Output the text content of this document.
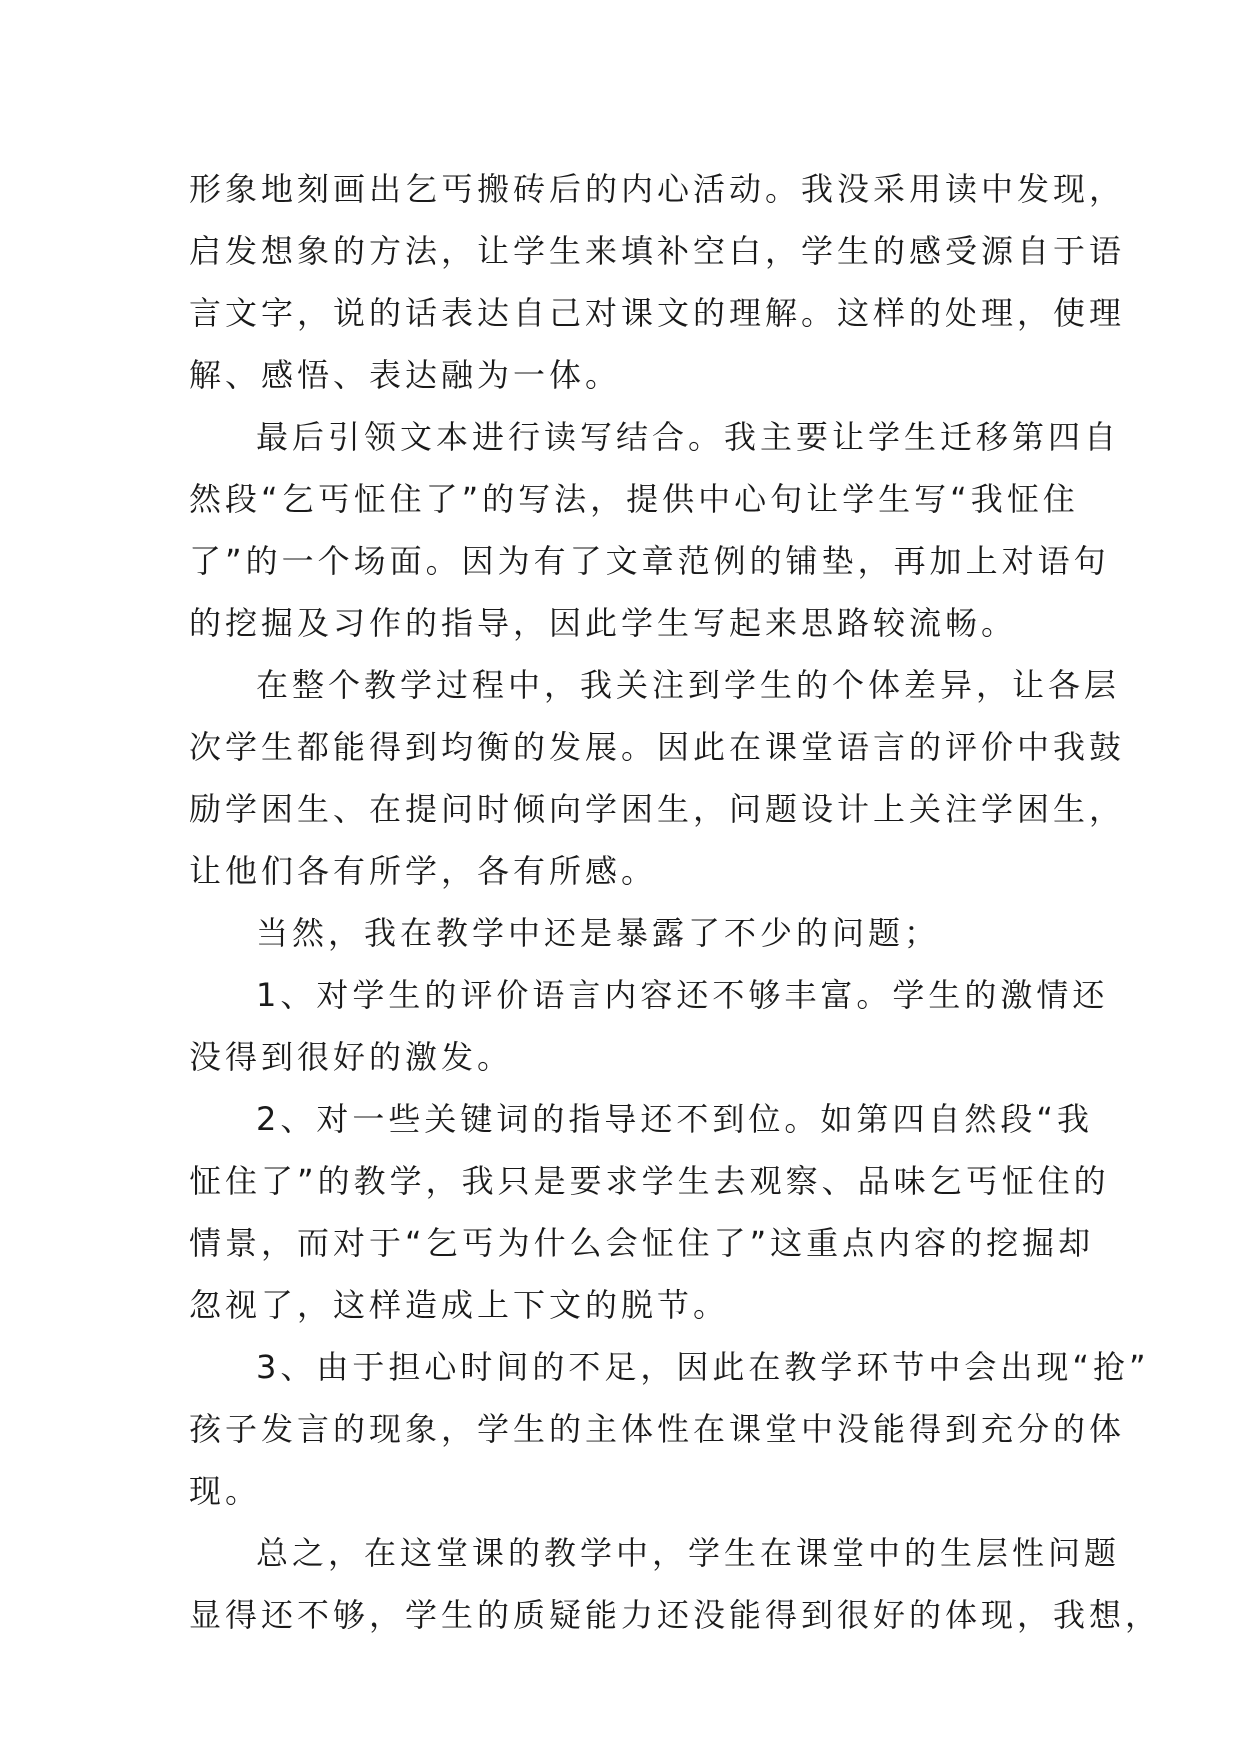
形象地刻画出乞丐搬砖后的内心活动。我没采用读中发现，
启发想象的方法，让学生来填补空白，学生的感受源自于语
言文字，说的话表达自己对课文的理解。这样的处理，使理
解、感悟、表达融为一体。
最后引领文本进行读写结合。我主要让学生迁移第四自
然段“乞丐怔住了”的写法，提供中心句让学生写“我怔住
了”的一个场面。因为有了文章范例的铺垫，再加上对语句
的挖掘及习作的指导，因此学生写起来思路较流畅。
在整个教学过程中，我关注到学生的个体差异，让各层
次学生都能得到均衡的发展。因此在课堂语言的评价中我鼓
励学困生、在提问时倾向学困生，问题设计上关注学困生，
让他们各有所学，各有所感。
当然，我在教学中还是暴露了不少的问题；
1、对学生的评价语言内容还不够丰富。学生的激情还
没得到很好的激发。
2、对一些关键词的指导还不到位。如第四自然段“我
怔住了”的教学，我只是要求学生去观察、品味乞丐怔住的
情景，而对于“乞丐为什么会怔住了”这重点内容的挖掘却
忽视了，这样造成上下文的脱节。
3、由于担心时间的不足，因此在教学环节中会出现“抢”
孩子发言的现象，学生的主体性在课堂中没能得到充分的体
现。
总之，在这堂课的教学中，学生在课堂中的生层性问题
显得还不够，学生的质疑能力还没能得到很好的体现，我想，
